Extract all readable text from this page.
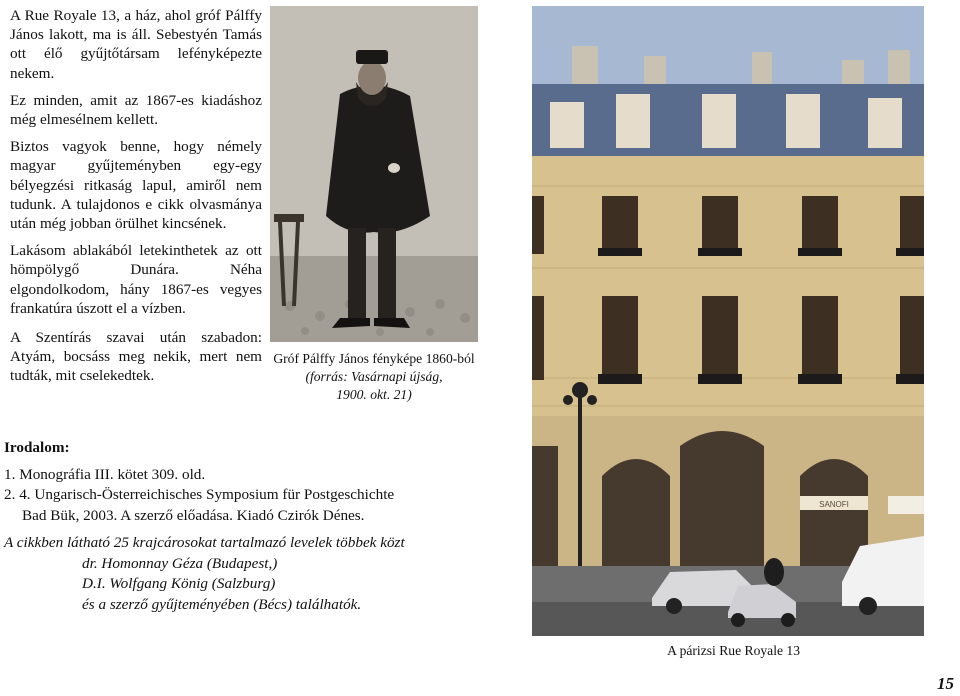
A Rue Royale 13, a ház, ahol gróf Pálffy János lakott, ma is áll. Sebestyén Tamás ott élő gyűjtőtársam lefényképezte nekem.

Ez minden, amit az 1867-es kiadáshoz még elmesélnem kellett.

Biztos vagyok benne, hogy némely magyar gyűjteményben egy-egy bélyegzési ritkaság lapul, amiről nem tudunk. A tulajdonos e cikk olvasmánya után még jobban örülhet kincsének.

Lakásom ablakából letekinthetek az ott hömpölygő Dunára. Néha elgondolkodom, hány 1867-es vegyes frankatúra úszott el a vízben.

A Szentírás szavai után szabadon: Atyám, bocsáss meg nekik, mert nem tudták, mit cselekedtek.

Gróf Pálffy János fényképe 1860-ból
(forrás: Vasárnapi újság,
1900. okt. 21)
SANOFI
A párizsi Rue Royale 13
Irodalom:
1. Monográfia III. kötet 309. old.
2. 4. Ungarisch-Österreichisches Symposium für Postgeschichte
Bad Bük, 2003. A szerző előadása. Kiadó Czirók Dénes.
A cikkben látható 25 krajcárosokat tartalmazó levelek többek közt
dr. Homonnay Géza (Budapest,)
D.I. Wolfgang König (Salzburg)
és a szerző gyűjteményében (Bécs) találhatók.
15
